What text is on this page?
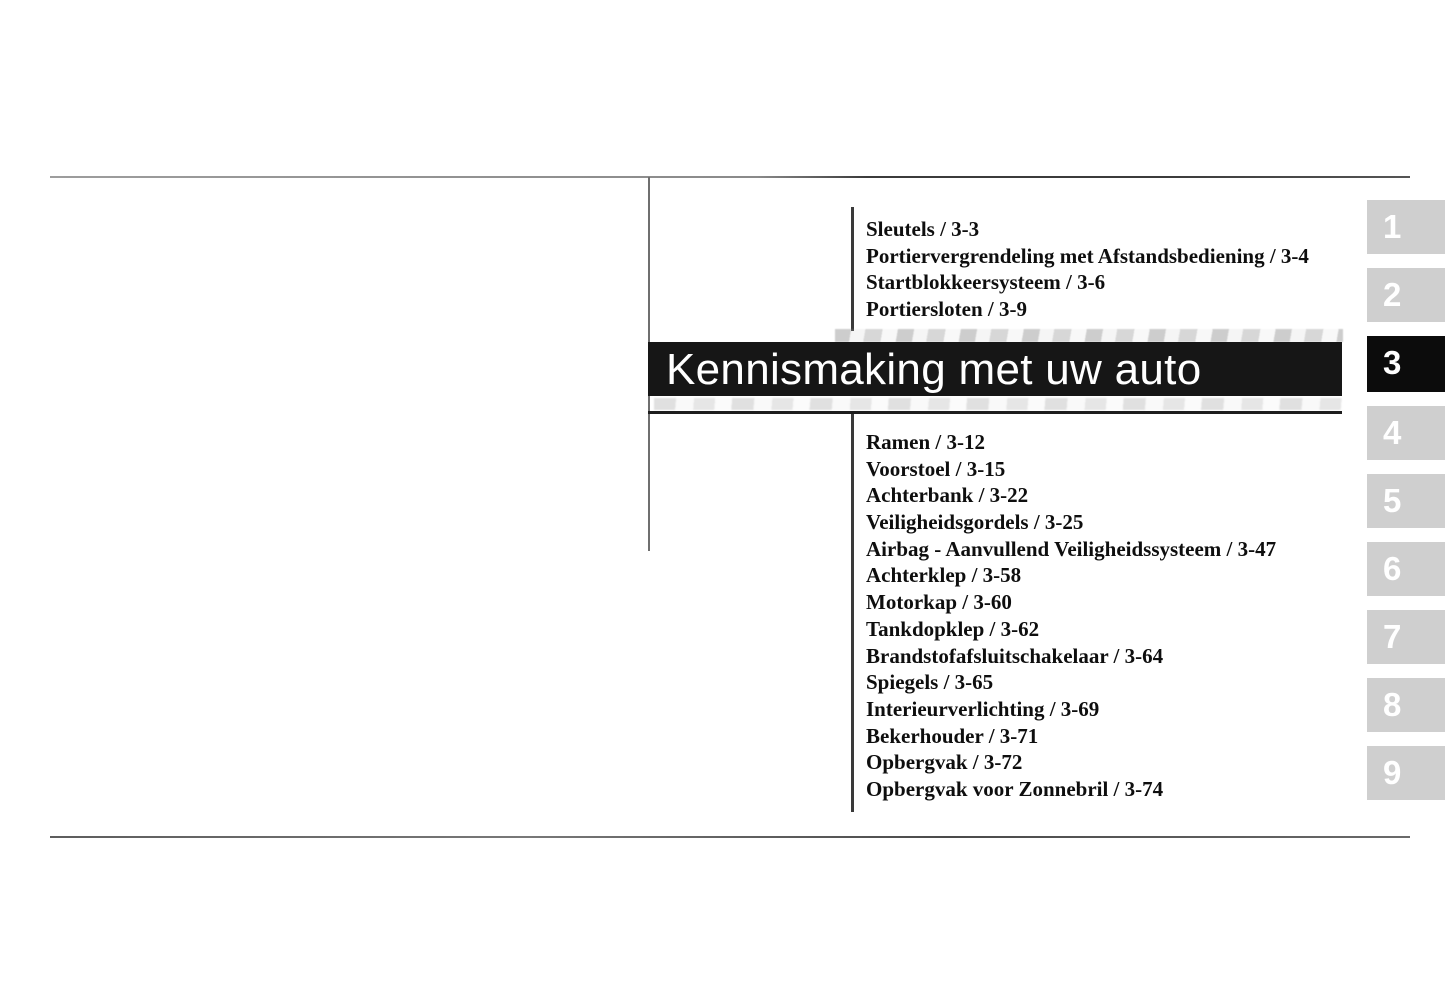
Sleutels / 3-3
Portiervergrendeling met Afstandsbediening / 3-4
Startblokkeersysteem / 3-6
Portiersloten / 3-9
Kennismaking met uw auto
Ramen / 3-12
Voorstoel / 3-15
Achterbank / 3-22
Veiligheidsgordels / 3-25
Airbag - Aanvullend Veiligheidssysteem / 3-47
Achterklep / 3-58
Motorkap / 3-60
Tankdopklep / 3-62
Brandstofafsluitschakelaar / 3-64
Spiegels / 3-65
Interieurverlichting / 3-69
Bekerhouder / 3-71
Opbergvak / 3-72
Opbergvak voor Zonnebril / 3-74
1
2
3
4
5
6
7
8
9
